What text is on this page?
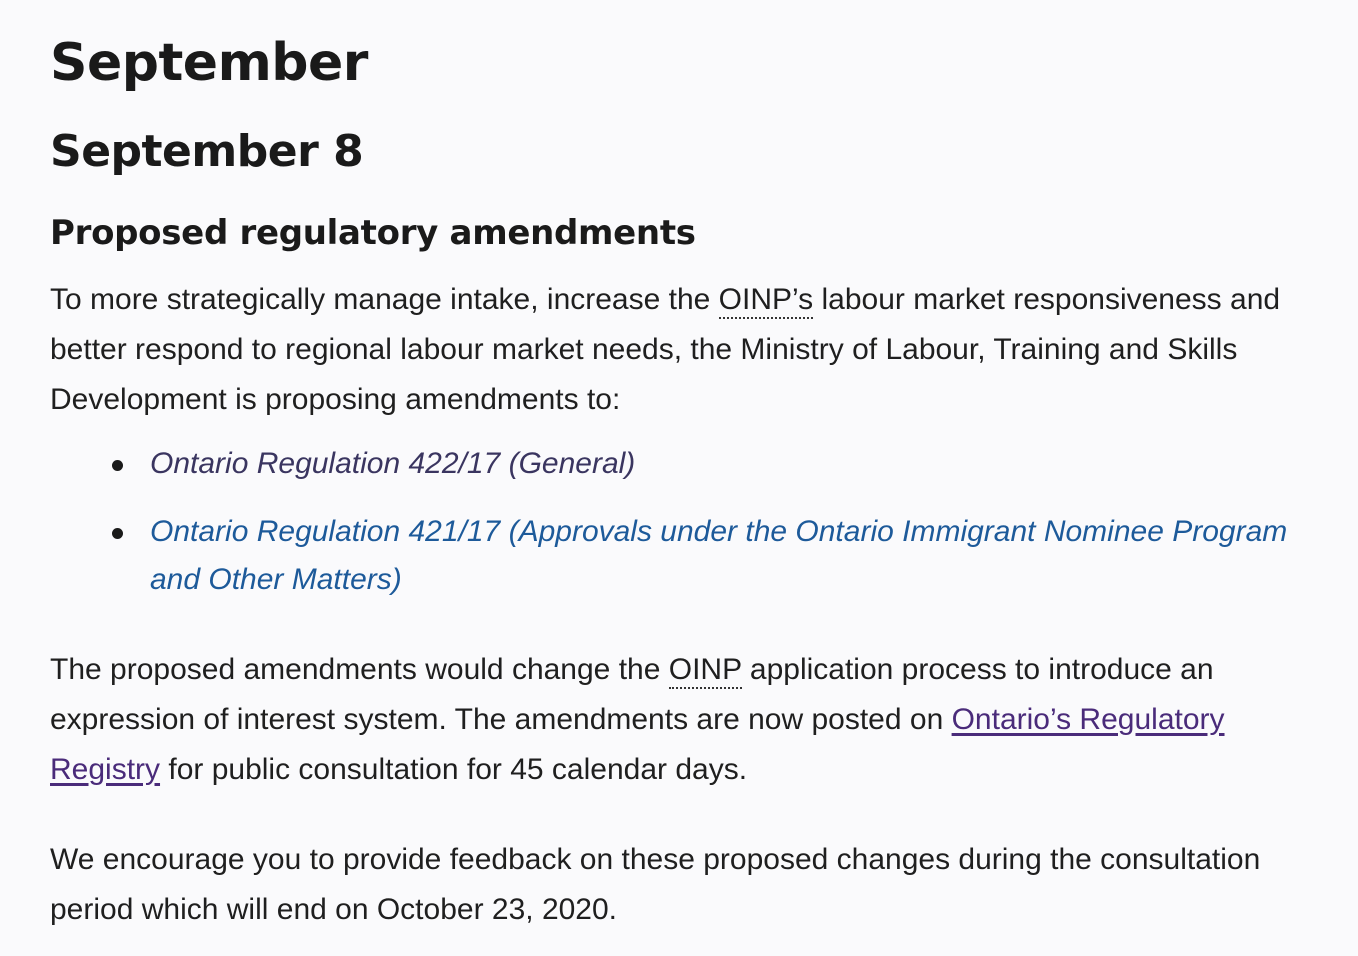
September
September 8
Proposed regulatory amendments

To more strategically manage intake, increase the OINP’s labour market responsiveness and better respond to regional labour market needs, the Ministry of Labour, Training and Skills Development is proposing amendments to:

Ontario Regulation 422/17 (General)
Ontario Regulation 421/17 (Approvals under the Ontario Immigrant Nominee Program and Other Matters)

The proposed amendments would change the OINP application process to introduce an expression of interest system. The amendments are now posted on Ontario’s Regulatory Registry for public consultation for 45 calendar days.

We encourage you to provide feedback on these proposed changes during the consultation period which will end on October 23, 2020.
